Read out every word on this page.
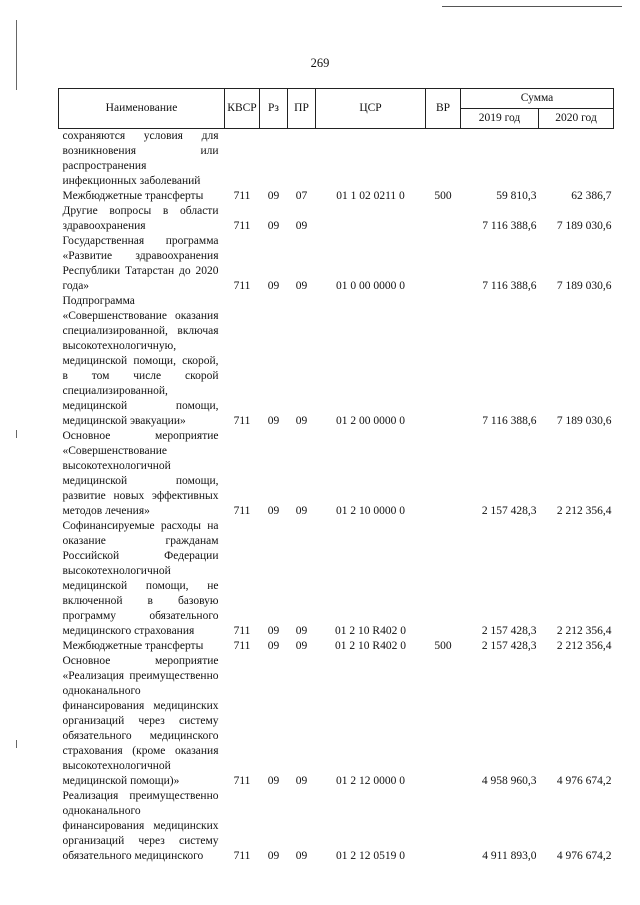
269
Наименование	КВСР	Рз	ПР	ЦСР	ВР	Сумма	
						2019 год	2020 год
сохраняются условия для возникновения или распространения инфекционных заболеваний							
Межбюджетные трансферты	711	09	07	01 1 02 0211 0	500	59 810,3	62 386,7
Другие вопросы в области здравоохранения	711	09	09			7 116 388,6	7 189 030,6
Государственная программа «Развитие здравоохранения Республики Татарстан до 2020 года»	711	09	09	01 0 00 0000 0		7 116 388,6	7 189 030,6
Подпрограмма «Совершенствование оказания специализированной, включая высокотехнологичную, медицинской помощи, скорой, в том числе скорой специализированной, медицинской помощи, медицинской эвакуации»	711	09	09	01 2 00 0000 0		7 116 388,6	7 189 030,6
Основное мероприятие «Совершенствование высокотехнологичной медицинской помощи, развитие новых эффективных методов лечения»	711	09	09	01 2 10 0000 0		2 157 428,3	2 212 356,4
Софинансируемые расходы на оказание гражданам Российской Федерации высокотехнологичной медицинской помощи, не включенной в базовую программу обязательного медицинского страхования	711	09	09	01 2 10 R402 0		2 157 428,3	2 212 356,4
Межбюджетные трансферты	711	09	09	01 2 10 R402 0	500	2 157 428,3	2 212 356,4
Основное мероприятие «Реализация преимущественно одноканального финансирования медицинских организаций через систему обязательного медицинского страхования (кроме оказания высокотехнологичной медицинской помощи)»	711	09	09	01 2 12 0000 0		4 958 960,3	4 976 674,2
Реализация преимущественно одноканального финансирования медицинских организаций через систему обязательного медицинского	711	09	09	01 2 12 0519 0		4 911 893,0	4 976 674,2
